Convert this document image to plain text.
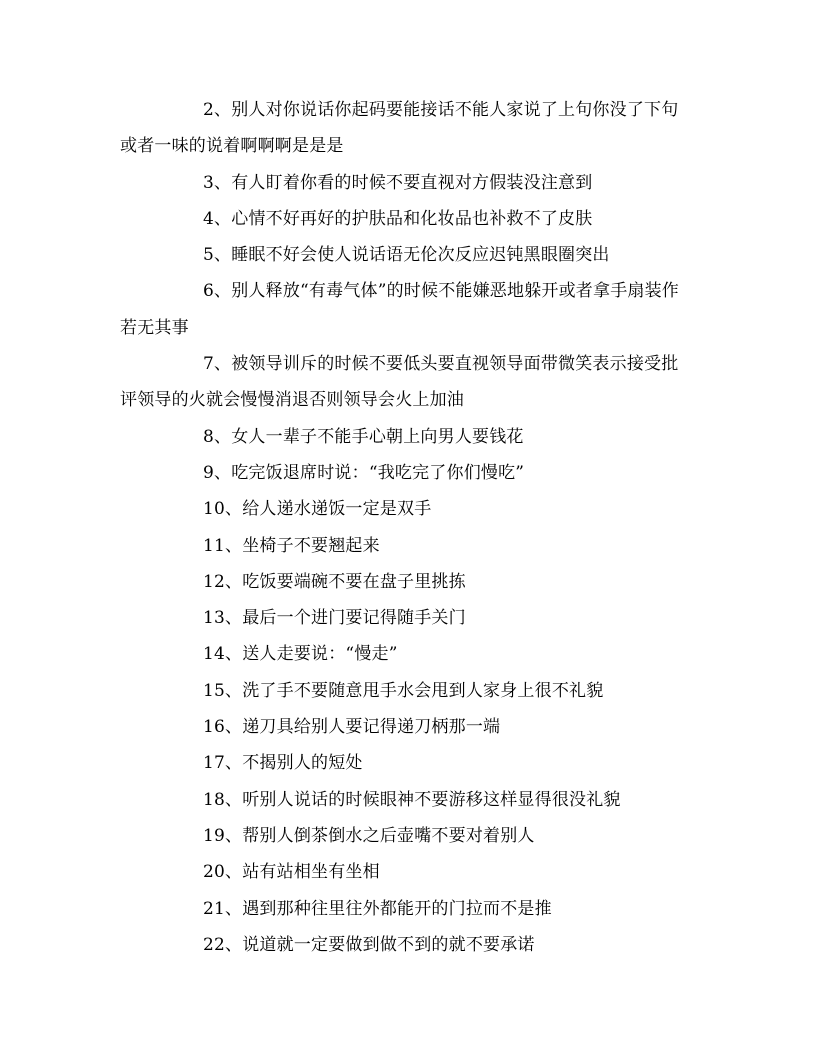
2、别人对你说话你起码要能接话不能人家说了上句你没了下句或者一味的说着啊啊啊是是是

3、有人盯着你看的时候不要直视对方假装没注意到

4、心情不好再好的护肤品和化妆品也补救不了皮肤

5、睡眠不好会使人说话语无伦次反应迟钝黑眼圈突出

6、别人释放“有毒气体”的时候不能嫌恶地躲开或者拿手扇装作若无其事

7、被领导训斥的时候不要低头要直视领导面带微笑表示接受批评领导的火就会慢慢消退否则领导会火上加油

8、女人一辈子不能手心朝上向男人要钱花

9、吃完饭退席时说：“我吃完了你们慢吃”

10、给人递水递饭一定是双手

11、坐椅子不要翘起来

12、吃饭要端碗不要在盘子里挑拣

13、最后一个进门要记得随手关门

14、送人走要说：“慢走”

15、洗了手不要随意甩手水会甩到人家身上很不礼貌

16、递刀具给别人要记得递刀柄那一端

17、不揭别人的短处

18、听别人说话的时候眼神不要游移这样显得很没礼貌

19、帮别人倒茶倒水之后壶嘴不要对着别人

20、站有站相坐有坐相

21、遇到那种往里往外都能开的门拉而不是推

22、说道就一定要做到做不到的就不要承诺
